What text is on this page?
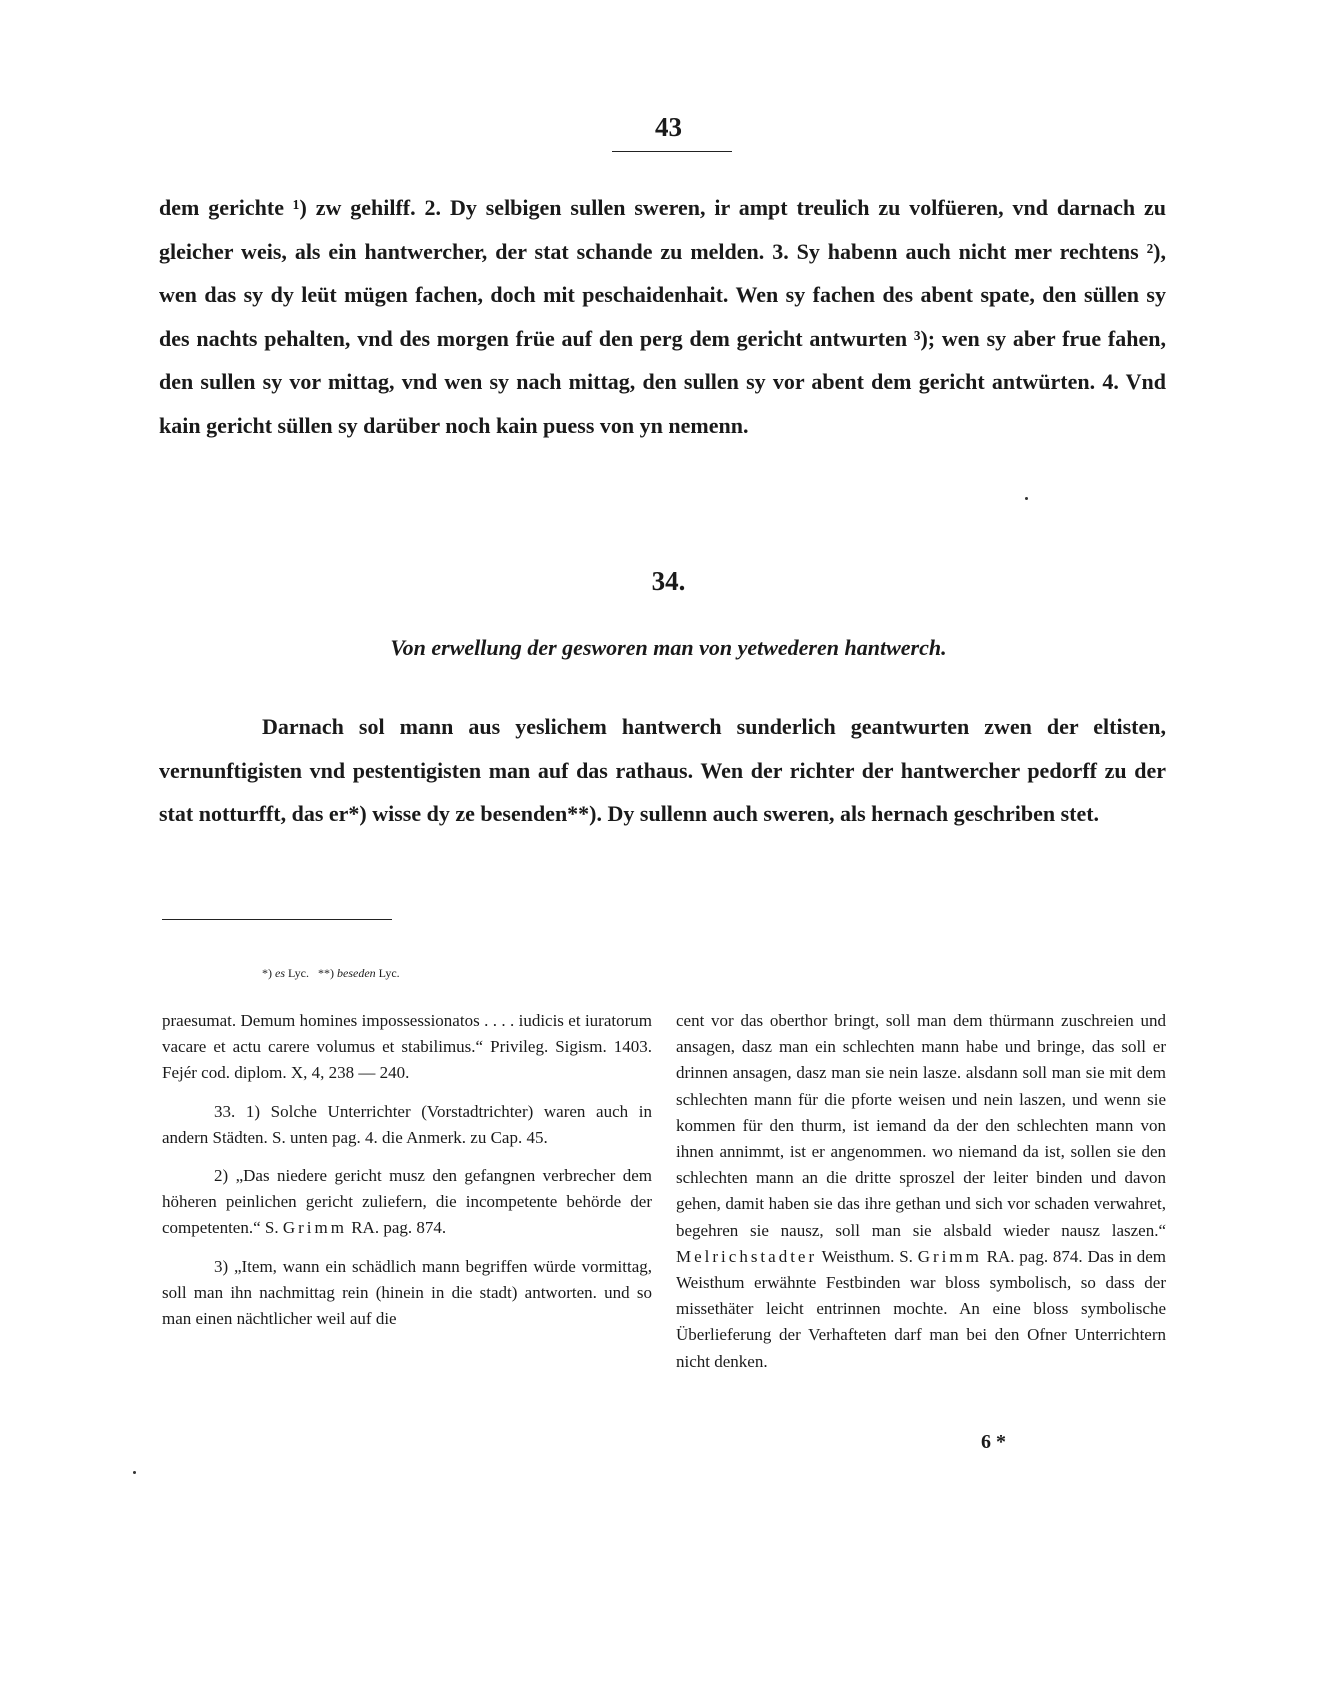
43

dem gerichte ¹) zw gehilff. 2. Dy selbigen sullen sweren, ir ampt treulich zu volfüeren, vnd darnach zu gleicher weis, als ein hantwercher, der stat schande zu melden. 3. Sy habenn auch nicht mer rechtens ²), wen das sy dy leüt mügen fachen, doch mit peschaidenhait. Wen sy fachen des abent spate, den süllen sy des nachts pehalten, vnd des morgen früe auf den perg dem gericht antwurten ³); wen sy aber frue fahen, den sullen sy vor mittag, vnd wen sy nach mittag, den sullen sy vor abent dem gericht antwürten. 4. Vnd kain gericht süllen sy darüber noch kain puess von yn nemenn.

34.
Von erwellung der gesworen man von yetwederen hantwerch.

Darnach sol mann aus yeslichem hantwerch sunderlich geantwurten zwen der eltisten, vernunftigisten vnd pestentigisten man auf das rathaus. Wen der richter der hantwercher pedorff zu der stat notturfft, das er*) wisse dy ze besenden**). Dy sullenn auch sweren, als hernach geschriben stet.

*) es Lyc. **) beseden Lyc.

praesumat. Demum homines impossessionatos . . . . iudicis et iuratorum vacare et actu carere volumus et stabilimus.“ Privileg. Sigism. 1403. Fejér cod. diplom. X, 4, 238 — 240.

33. 1) Solche Unterrichter (Vorstadtrichter) waren auch in andern Städten. S. unten pag. 4. die Anmerk. zu Cap. 45.

2) „Das niedere gericht musz den gefangnen verbrecher dem höheren peinlichen gericht zuliefern, die incompetente behörde der competenten.“ S. Grimm RA. pag. 874.

3) „Item, wann ein schädlich mann begriffen würde vormittag, soll man ihn nachmittag rein (hinein in die stadt) antworten. und so man einen nächtlicher weil auf die

cent vor das oberthor bringt, soll man dem thürmann zuschreien und ansagen, dasz man ein schlechten mann habe und bringe, das soll er drinnen ansagen, dasz man sie nein lasze. alsdann soll man sie mit dem schlechten mann für die pforte weisen und nein laszen, und wenn sie kommen für den thurm, ist iemand da der den schlechten mann von ihnen annimmt, ist er angenommen. wo niemand da ist, sollen sie den schlechten mann an die dritte sproszel der leiter binden und davon gehen, damit haben sie das ihre gethan und sich vor schaden verwahret, begehren sie nausz, soll man sie alsbald wieder nausz laszen.“ Melrichstadter Weisthum. S. Grimm RA. pag. 874. Das in dem Weisthum erwähnte Festbinden war bloss symbolisch, so dass der missethäter leicht entrinnen mochte. An eine bloss symbolische Überlieferung der Verhafteten darf man bei den Ofner Unterrichtern nicht denken.

6 *
